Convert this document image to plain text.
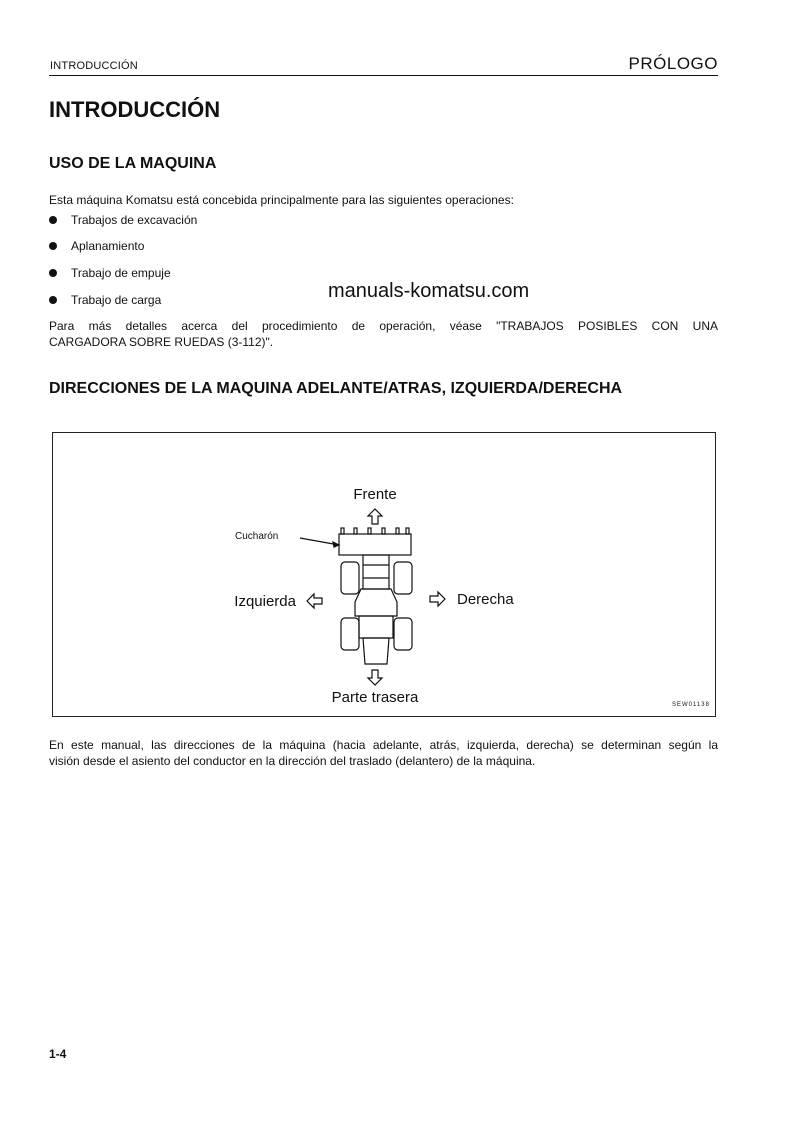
INTRODUCCIÓN	PRÓLOGO
INTRODUCCIÓN
USO DE LA MAQUINA
Esta máquina Komatsu está concebida principalmente para las siguientes operaciones:
Trabajos de excavación
Aplanamiento
Trabajo de empuje
Trabajo de carga	manuals-komatsu.com
Para más detalles acerca del procedimiento de operación, véase "TRABAJOS POSIBLES CON UNA
CARGADORA SOBRE RUEDAS (3-112)".
DIRECCIONES DE LA MAQUINA ADELANTE/ATRAS, IZQUIERDA/DERECHA
Frente
Parte trasera
Izquierda	Derecha
Cucharón
SEW01138
En este manual, las direcciones de la máquina (hacia adelante, atrás, izquierda, derecha) se determinan según la
visión desde el asiento del conductor en la dirección del traslado (delantero) de la máquina.
1-4
